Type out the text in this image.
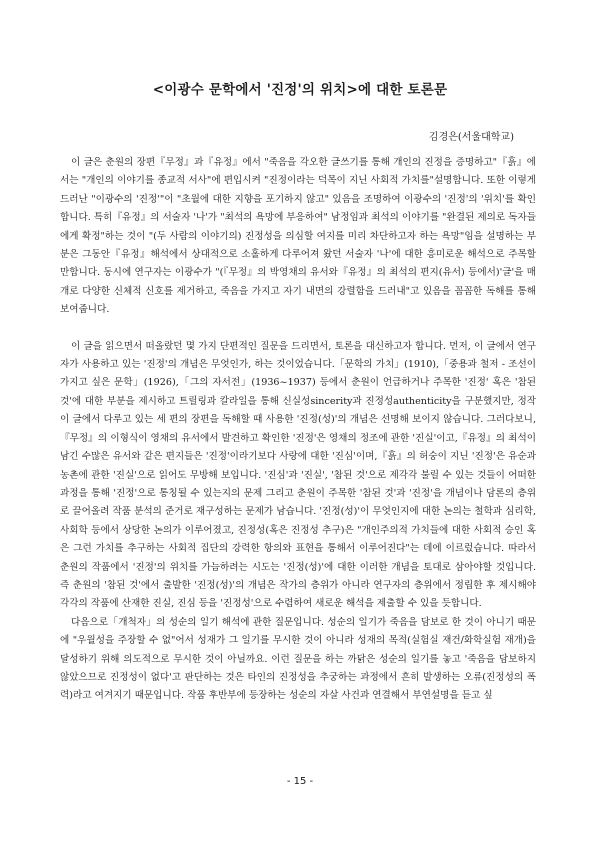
<이광수 문학에서 '진정'의 위치>에 대한 토론문
김경은(서울대학교)

이 글은 춘원의 장편『무정』과『유정』에서 "죽음을 각오한 글쓰기를 통해 개인의 진정을 증명하고"『흙』에서는 "개인의 이야기를 종교적 서사"에 편입시켜 "진정이라는 덕목이 지닌 사회적 가치를"설명합니다. 또한 이렇게 드러난 "이광수의 '진정'"이 "초월에 대한 지향을 포기하지 않고" 있음을 조명하여 이광수의 '진정'의 '위치'를 확인합니다. 특히『유정』의 서술자 '나'가 "최석의 욕망에 부응하여" 남정임과 최석의 이야기를 "완결된 제의로 독자들에게 확정"하는 것이 "(두 사람의 이야기의) 진정성을 의심할 여지를 미리 차단하고자 하는 욕망"임을 설명하는 부분은 그동안『유정』해석에서 상대적으로 소홀하게 다루어져 왔던 서술자 '나'에 대한 흥미로운 해석으로 주목할 만합니다. 동시에 연구자는 이광수가 "(『무정』의 박영채의 유서와『유정』의 최석의 편지(유서) 등에서)'글'을 매개로 다양한 신체적 신호를 제거하고, 죽음을 가지고 자기 내면의 강렬함을 드러내"고 있음을 꼼꼼한 독해를 통해 보여줍니다.

이 글을 읽으면서 떠올랐던 몇 가지 단편적인 질문을 드리면서, 토론을 대신하고자 합니다. 먼저, 이 글에서 연구자가 사용하고 있는 '진정'의 개념은 무엇인가, 하는 것이었습니다.「문학의 가치」(1910),「중용과 철저 - 조선이 가지고 싶은 문학」(1926),「그의 자서전」(1936~1937) 등에서 춘원이 언급하거나 주목한 '진정' 혹은 '참된 것'에 대한 부분을 제시하고 트릴링과 칼라일을 통해 신실성sincerity과 진정성authenticity을 구분했지만, 정작 이 글에서 다루고 있는 세 편의 장편을 독해할 때 사용한 '진정(성)'의 개념은 선명해 보이지 않습니다. 그러다보니,『무정』의 이형식이 영채의 유서에서 발견하고 확인한 '진정'은 영채의 정조에 관한 '진실'이고,『유정』의 최석이 남긴 수많은 유서와 같은 편지들은 '진정'이라기보다 사랑에 대한 '진심'이며,『흙』의 허숭이 지닌 '진정'은 유순과 농촌에 관한 '진실'으로 읽어도 무방해 보입니다. '진심'과 '진실', '참된 것'으로 제각각 불릴 수 있는 것들이 어떠한 과정을 통해 '진정'으로 통칭될 수 있는지의 문제 그리고 춘원이 주목한 '참된 것'과 '진정'을 개념이나 담론의 층위로 끌어올려 작품 분석의 준거로 재구성하는 문제가 남습니다. '진정(성)'이 무엇인지에 대한 논의는 철학과 심리학, 사회학 등에서 상당한 논의가 이루어졌고, 진정성(혹은 진정성 추구)은 "개인주의적 가치들에 대한 사회적 승인 혹은 그런 가치를 추구하는 사회적 집단의 강력한 항의와 표현을 통해서 이루어진다"는 데에 이르렀습니다. 따라서 춘원의 작품에서 '진정'의 위치를 가늠하려는 시도는 '진정(성)'에 대한 이러한 개념을 토대로 삼아야할 것입니다. 즉 춘원의 '참된 것'에서 출발한 '진정(성)'의 개념은 작가의 층위가 아니라 연구자의 층위에서 정립한 후 제시해야 각각의 작품에 산재한 진실, 진심 등을 '진정성'으로 수렴하여 새로운 해석을 제출할 수 있을 듯합니다.

다음으로「개척자」의 성순의 일기 해석에 관한 질문입니다. 성순의 일기가 죽음을 담보로 한 것이 아니기 때문에 "우월성을 주장할 수 없"어서 성재가 그 일기를 무시한 것이 아니라 성재의 목적(실험실 재건/화학실험 재개)을 달성하기 위해 의도적으로 무시한 것이 아닐까요. 이런 질문을 하는 까닭은 성순의 일기를 놓고 '죽음을 담보하지 않았으므로 진정성이 없다'고 판단하는 것은 타인의 진정성을 추궁하는 과정에서 흔히 발생하는 오류(진정성의 폭력)라고 여겨지기 때문입니다. 작품 후반부에 등장하는 성순의 자살 사건과 연결해서 부연설명을 듣고 싶

- 15 -
